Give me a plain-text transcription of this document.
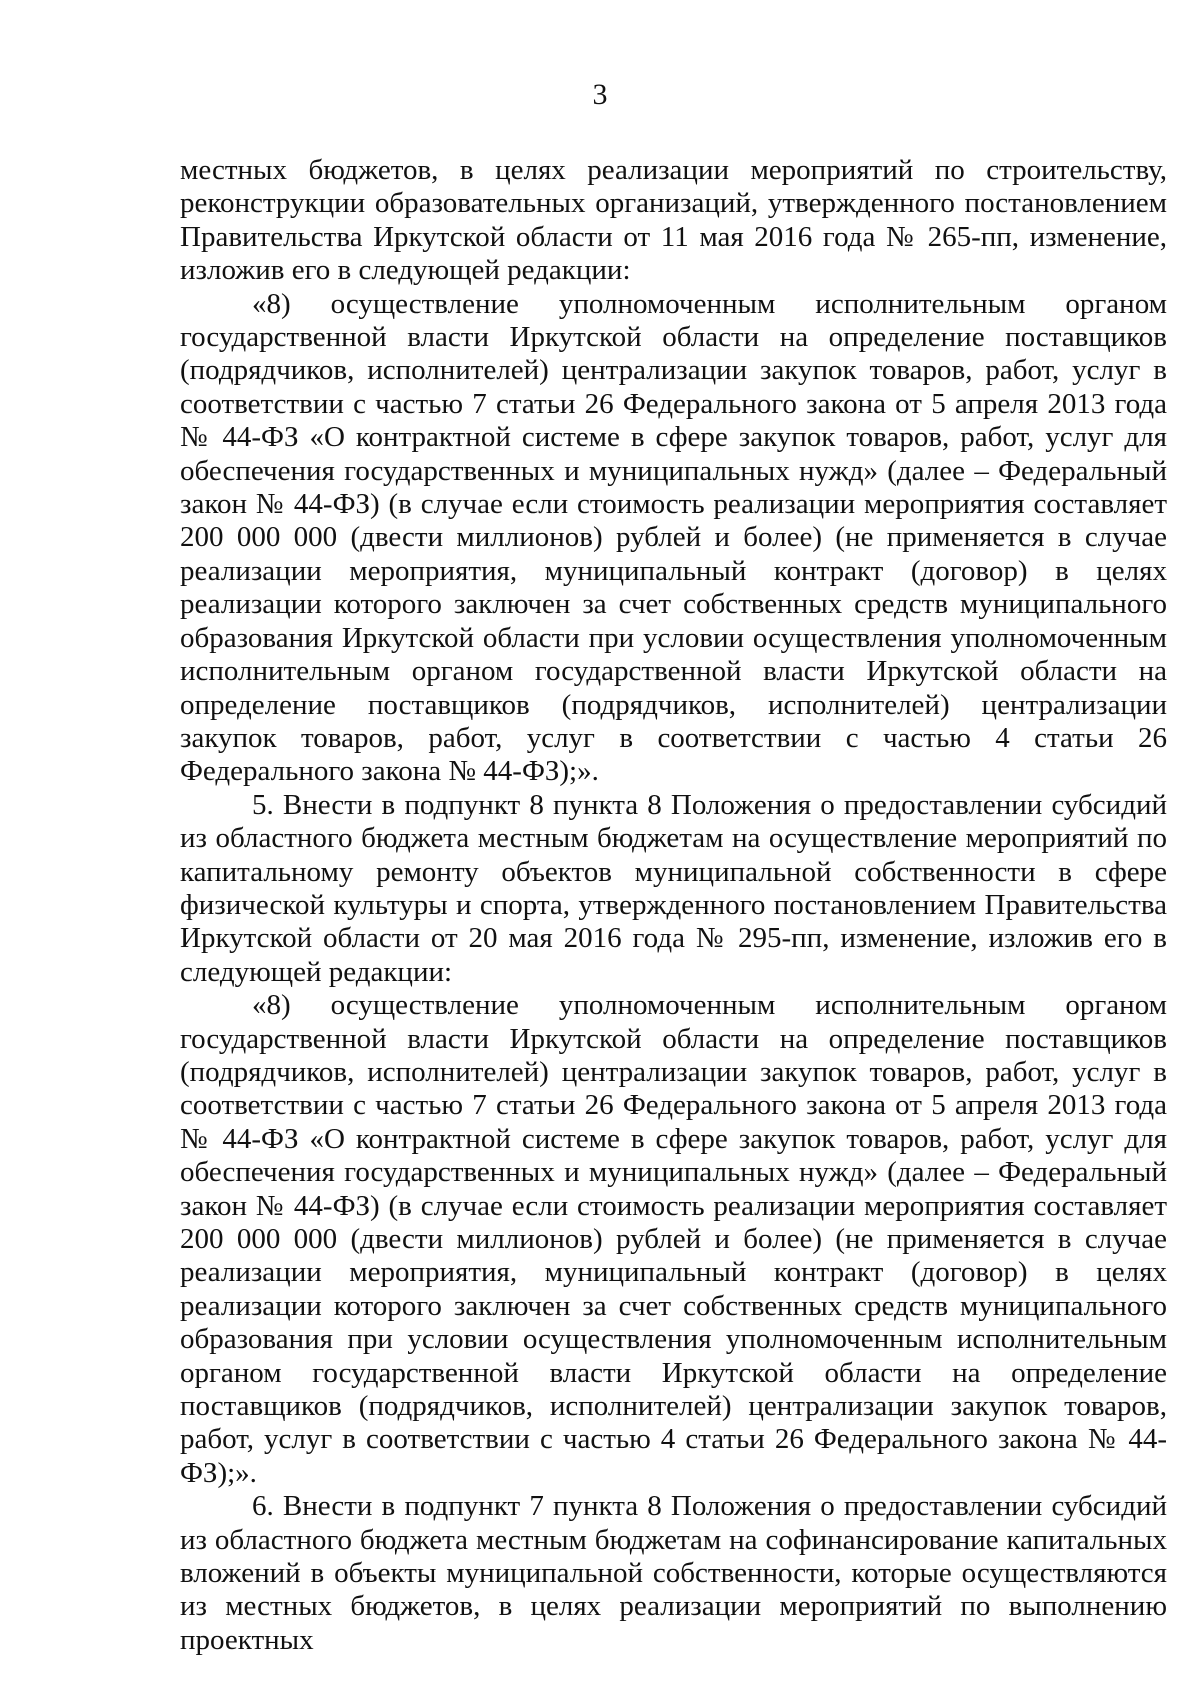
3

местных бюджетов, в целях реализации мероприятий по строительству, реконструкции образовательных организаций, утвержденного постановлением Правительства Иркутской области от 11 мая 2016 года № 265-пп, изменение, изложив его в следующей редакции:

«8) осуществление уполномоченным исполнительным органом государственной власти Иркутской области на определение поставщиков (подрядчиков, исполнителей) централизации закупок товаров, работ, услуг в соответствии с частью 7 статьи 26 Федерального закона от 5 апреля 2013 года № 44-ФЗ «О контрактной системе в сфере закупок товаров, работ, услуг для обеспечения государственных и муниципальных нужд» (далее – Федеральный закон № 44-ФЗ) (в случае если стоимость реализации мероприятия составляет 200 000 000 (двести миллионов) рублей и более) (не применяется в случае реализации мероприятия, муниципальный контракт (договор) в целях реализации которого заключен за счет собственных средств муниципального образования Иркутской области при условии осуществления уполномоченным исполнительным органом государственной власти Иркутской области на определение поставщиков (подрядчиков, исполнителей) централизации закупок товаров, работ, услуг в соответствии с частью 4 статьи 26 Федерального закона № 44-ФЗ);».

5. Внести в подпункт 8 пункта 8 Положения о предоставлении субсидий из областного бюджета местным бюджетам на осуществление мероприятий по капитальному ремонту объектов муниципальной собственности в сфере физической культуры и спорта, утвержденного постановлением Правительства Иркутской области от 20 мая 2016 года № 295-пп, изменение, изложив его в следующей редакции:

«8) осуществление уполномоченным исполнительным органом государственной власти Иркутской области на определение поставщиков (подрядчиков, исполнителей) централизации закупок товаров, работ, услуг в соответствии с частью 7 статьи 26 Федерального закона от 5 апреля 2013 года № 44-ФЗ «О контрактной системе в сфере закупок товаров, работ, услуг для обеспечения государственных и муниципальных нужд» (далее – Федеральный закон № 44-ФЗ) (в случае если стоимость реализации мероприятия составляет 200 000 000 (двести миллионов) рублей и более) (не применяется в случае реализации мероприятия, муниципальный контракт (договор) в целях реализации которого заключен за счет собственных средств муниципального образования при условии осуществления уполномоченным исполнительным органом государственной власти Иркутской области на определение поставщиков (подрядчиков, исполнителей) централизации закупок товаров, работ, услуг в соответствии с частью 4 статьи 26 Федерального закона № 44-ФЗ);».

6. Внести в подпункт 7 пункта 8 Положения о предоставлении субсидий из областного бюджета местным бюджетам на софинансирование капитальных вложений в объекты муниципальной собственности, которые осуществляются из местных бюджетов, в целях реализации мероприятий по выполнению проектных
